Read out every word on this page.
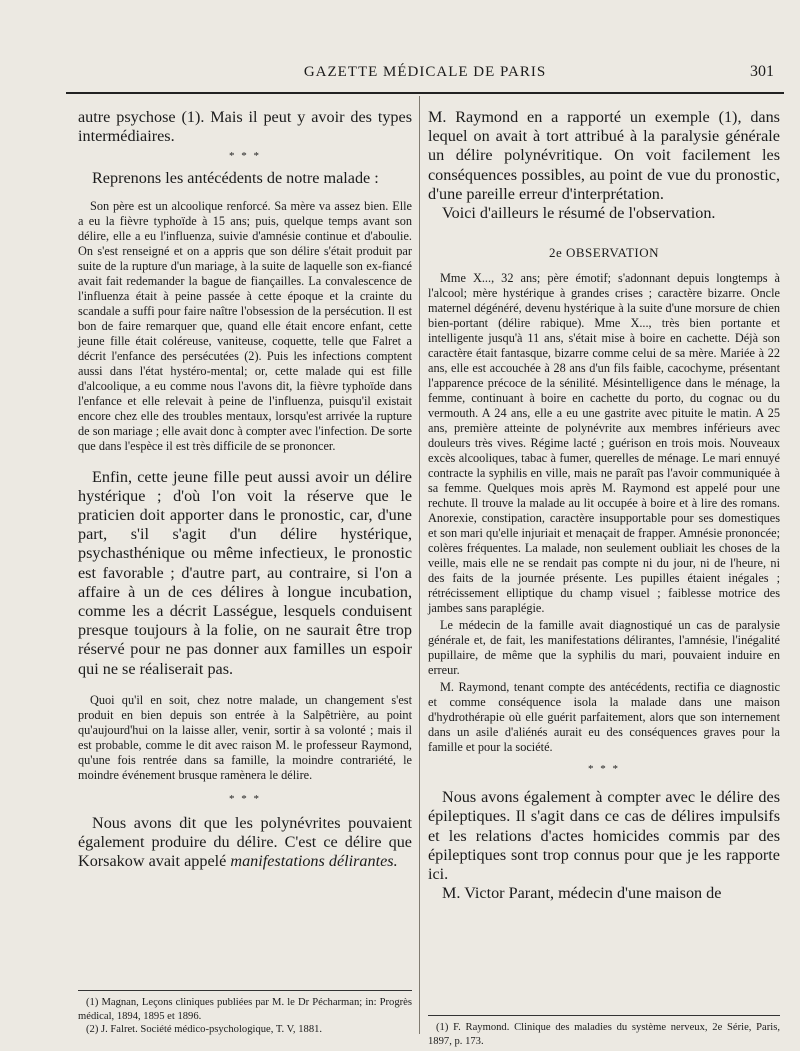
GAZETTE MÉDICALE DE PARIS	301

autre psychose (1). Mais il peut y avoir des types intermédiaires.

* * *

Reprenons les antécédents de notre malade :

Son père est un alcoolique renforcé. Sa mère va assez bien. Elle a eu la fièvre typhoïde à 15 ans; puis, quelque temps avant son délire, elle a eu l'influenza, suivie d'amnésie continue et d'aboulie. On s'est renseigné et on a appris que son délire s'était produit par suite de la rupture d'un mariage, à la suite de laquelle son ex-fiancé avait fait redemander la bague de fiançailles. La convalescence de l'influenza était à peine passée à cette époque et la crainte du scandale a suffi pour faire naître l'obsession de la persécution. Il est bon de faire remarquer que, quand elle était encore enfant, cette jeune fille était coléreuse, vaniteuse, coquette, telle que Falret a décrit l'enfance des persécutées (2). Puis les infections comptent aussi dans l'état hystéro-mental; or, cette malade qui est fille d'alcoolique, a eu comme nous l'avons dit, la fièvre typhoïde dans l'enfance et elle relevait à peine de l'influenza, puisqu'il existait encore chez elle des troubles mentaux, lorsqu'est arrivée la rupture de son mariage ; elle avait donc à compter avec l'infection. De sorte que dans l'espèce il est très difficile de se prononcer.

Enfin, cette jeune fille peut aussi avoir un délire hystérique ; d'où l'on voit la réserve que le praticien doit apporter dans le pronostic, car, d'une part, s'il s'agit d'un délire hystérique, psychasthénique ou même infectieux, le pronostic est favorable ; d'autre part, au contraire, si l'on a affaire à un de ces délires à longue incubation, comme les a décrit Lasségue, lesquels conduisent presque toujours à la folie, on ne saurait être trop réservé pour ne pas donner aux familles un espoir qui ne se réaliserait pas.

Quoi qu'il en soit, chez notre malade, un changement s'est produit en bien depuis son entrée à la Salpêtrière, au point qu'aujourd'hui on la laisse aller, venir, sortir à sa volonté ; mais il est probable, comme le dit avec raison M. le professeur Raymond, qu'une fois rentrée dans sa famille, la moindre contrariété, le moindre événement brusque ramènera le délire.

* * *

Nous avons dit que les polynévrites pouvaient également produire du délire. C'est ce délire que Korsakow avait appelé manifestations délirantes.

(1) Magnan, Leçons cliniques publiées par M. le Dr Pécharman; in: Progrès médical, 1894, 1895 et 1896.

(2) J. Falret. Société médico-psychologique, T. V, 1881.

M. Raymond en a rapporté un exemple (1), dans lequel on avait à tort attribué à la paralysie générale un délire polynévritique. On voit facilement les conséquences possibles, au point de vue du pronostic, d'une pareille erreur d'interprétation.

Voici d'ailleurs le résumé de l'observation.

2e OBSERVATION

Mme X..., 32 ans; père émotif; s'adonnant depuis longtemps à l'alcool; mère hystérique à grandes crises ; caractère bizarre. Oncle maternel dégénéré, devenu hystérique à la suite d'une morsure de chien bien-portant (délire rabique). Mme X..., très bien portante et intelligente jusqu'à 11 ans, s'était mise à boire en cachette. Déjà son caractère était fantasque, bizarre comme celui de sa mère. Mariée à 22 ans, elle est accouchée à 28 ans d'un fils faible, cacochyme, présentant l'apparence précoce de la sénilité. Mésintelligence dans le ménage, la femme, continuant à boire en cachette du porto, du cognac ou du vermouth. A 24 ans, elle a eu une gastrite avec pituite le matin. A 25 ans, première atteinte de polynévrite aux membres inférieurs avec douleurs très vives. Régime lacté ; guérison en trois mois. Nouveaux excès alcooliques, tabac à fumer, querelles de ménage. Le mari ennuyé contracte la syphilis en ville, mais ne paraît pas l'avoir communiquée à sa femme. Quelques mois après M. Raymond est appelé pour une rechute. Il trouve la malade au lit occupée à boire et à lire des romans. Anorexie, constipation, caractère insupportable pour ses domestiques et son mari qu'elle injuriait et menaçait de frapper. Amnésie prononcée; colères fréquentes. La malade, non seulement oubliait les choses de la veille, mais elle ne se rendait pas compte ni du jour, ni de l'heure, ni des faits de la journée présente. Les pupilles étaient inégales ; rétrécissement elliptique du champ visuel ; faiblesse motrice des jambes sans paraplégie.

Le médecin de la famille avait diagnostiqué un cas de paralysie générale et, de fait, les manifestations délirantes, l'amnésie, l'inégalité pupillaire, de même que la syphilis du mari, pouvaient induire en erreur.

M. Raymond, tenant compte des antécédents, rectifia ce diagnostic et comme conséquence isola la malade dans une maison d'hydrothérapie où elle guérit parfaitement, alors que son internement dans un asile d'aliénés aurait eu des conséquences graves pour la famille et pour la société.

* * *

Nous avons également à compter avec le délire des épileptiques. Il s'agit dans ce cas de délires impulsifs et les relations d'actes homicides commis par des épileptiques sont trop connus pour que je les rapporte ici.

M. Victor Parant, médecin d'une maison de

(1) F. Raymond. Clinique des maladies du système nerveux, 2e Série, Paris, 1897, p. 173.
